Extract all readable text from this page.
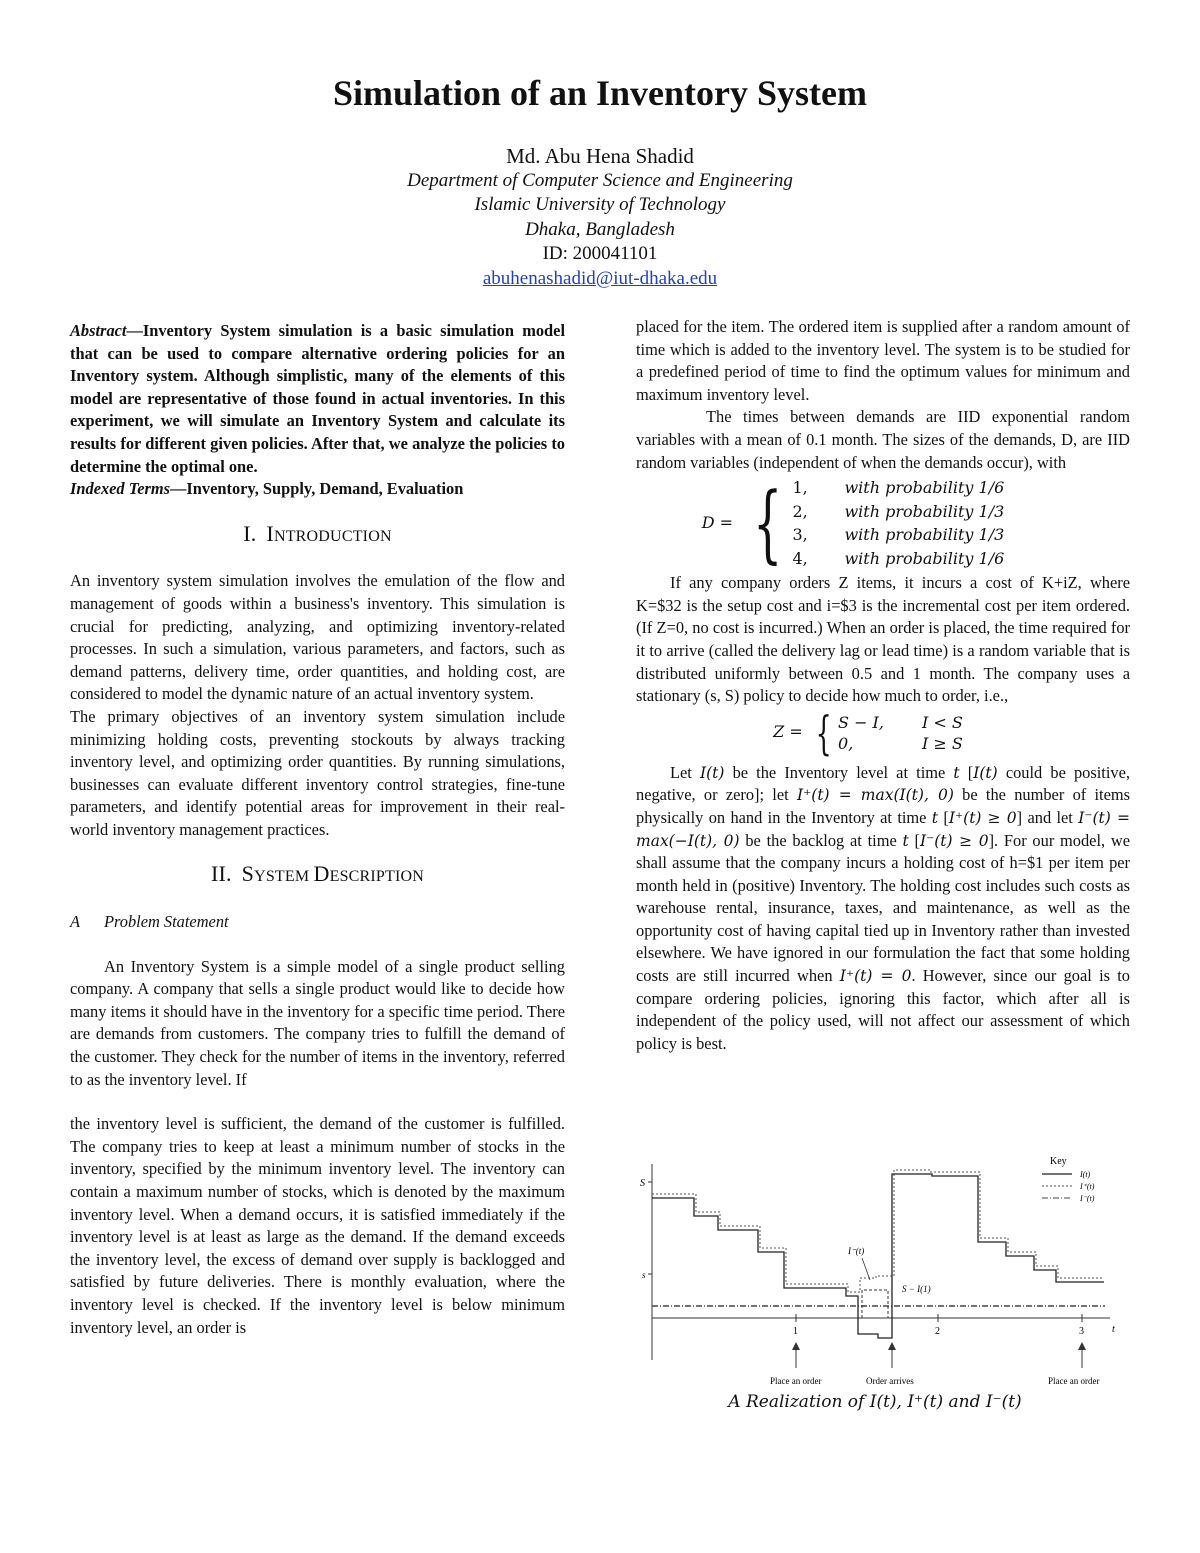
Simulation of an Inventory System
Md. Abu Hena Shadid
Department of Computer Science and Engineering
Islamic University of Technology
Dhaka, Bangladesh
ID: 200041101
abuhenashadid@iut-dhaka.edu

Abstract—Inventory System simulation is a basic simulation model that can be used to compare alternative ordering policies for an Inventory system. Although simplistic, many of the elements of this model are representative of those found in actual inventories. In this experiment, we will simulate an Inventory System and calculate its results for different given policies. After that, we analyze the policies to determine the optimal one.

Indexed Terms—Inventory, Supply, Demand, Evaluation

I. INTRODUCTION

An inventory system simulation involves the emulation of the flow and management of goods within a business's inventory. This simulation is crucial for predicting, analyzing, and optimizing inventory-related processes. In such a simulation, various parameters, and factors, such as demand patterns, delivery time, order quantities, and holding cost, are considered to model the dynamic nature of an actual inventory system.

The primary objectives of an inventory system simulation include minimizing holding costs, preventing stockouts by always tracking inventory level, and optimizing order quantities. By running simulations, businesses can evaluate different inventory control strategies, fine-tune parameters, and identify potential areas for improvement in their real-world inventory management practices.

II. SYSTEM DESCRIPTION
A Problem Statement

An Inventory System is a simple model of a single product selling company. A company that sells a single product would like to decide how many items it should have in the inventory for a specific time period. There are demands from customers. The company tries to fulfill the demand of the customer. They check for the number of items in the inventory, referred to as the inventory level. If

the inventory level is sufficient, the demand of the customer is fulfilled. The company tries to keep at least a minimum number of stocks in the inventory, specified by the minimum inventory level. The inventory can contain a maximum number of stocks, which is denoted by the maximum inventory level. When a demand occurs, it is satisfied immediately if the inventory level is at least as large as the demand. If the demand exceeds the inventory level, the excess of demand over supply is backlogged and satisfied by future deliveries. There is monthly evaluation, where the inventory level is checked. If the inventory level is below minimum inventory level, an order is

placed for the item. The ordered item is supplied after a random amount of time which is added to the inventory level. The system is to be studied for a predefined period of time to find the optimum values for minimum and maximum inventory level.

The times between demands are IID exponential random variables with a mean of 0.1 month. The sizes of the demands, D, are IID random variables (independent of when the demands occur), with

D = { 1,	with probability 1/6
2,	with probability 1/3
3,	with probability 1/3
4,	with probability 1/6

If any company orders Z items, it incurs a cost of K+iZ, where K=$32 is the setup cost and i=$3 is the incremental cost per item ordered. (If Z=0, no cost is incurred.) When an order is placed, the time required for it to arrive (called the delivery lag or lead time) is a random variable that is distributed uniformly between 0.5 and 1 month. The company uses a stationary (s, S) policy to decide how much to order, i.e.,

Z = { S − I,	I < S
0,	I ≥ S

Let I(t) be the Inventory level at time t [I(t) could be positive, negative, or zero]; let I⁺(t) = max(I(t), 0) be the number of items physically on hand in the Inventory at time t [I⁺(t) ≥ 0] and let I⁻(t) = max(−I(t), 0) be the backlog at time t [I⁻(t) ≥ 0]. For our model, we shall assume that the company incurs a holding cost of h=$1 per item per month held in (positive) Inventory. The holding cost includes such costs as warehouse rental, insurance, taxes, and maintenance, as well as the opportunity cost of having capital tied up in Inventory rather than invested elsewhere. We have ignored in our formulation the fact that some holding costs are still incurred when I⁺(t) = 0. However, since our goal is to compare ordering policies, ignoring this factor, which after all is independent of the policy used, will not affect our assessment of which policy is best.

S
s
I⁻(t)
S − I(1)
1	2	3	t
Place an order	Order arrives	Place an order
Key
I(t)
I⁺(t)
I⁻(t)
A Realization of I(t), I⁺(t) and I⁻(t)
